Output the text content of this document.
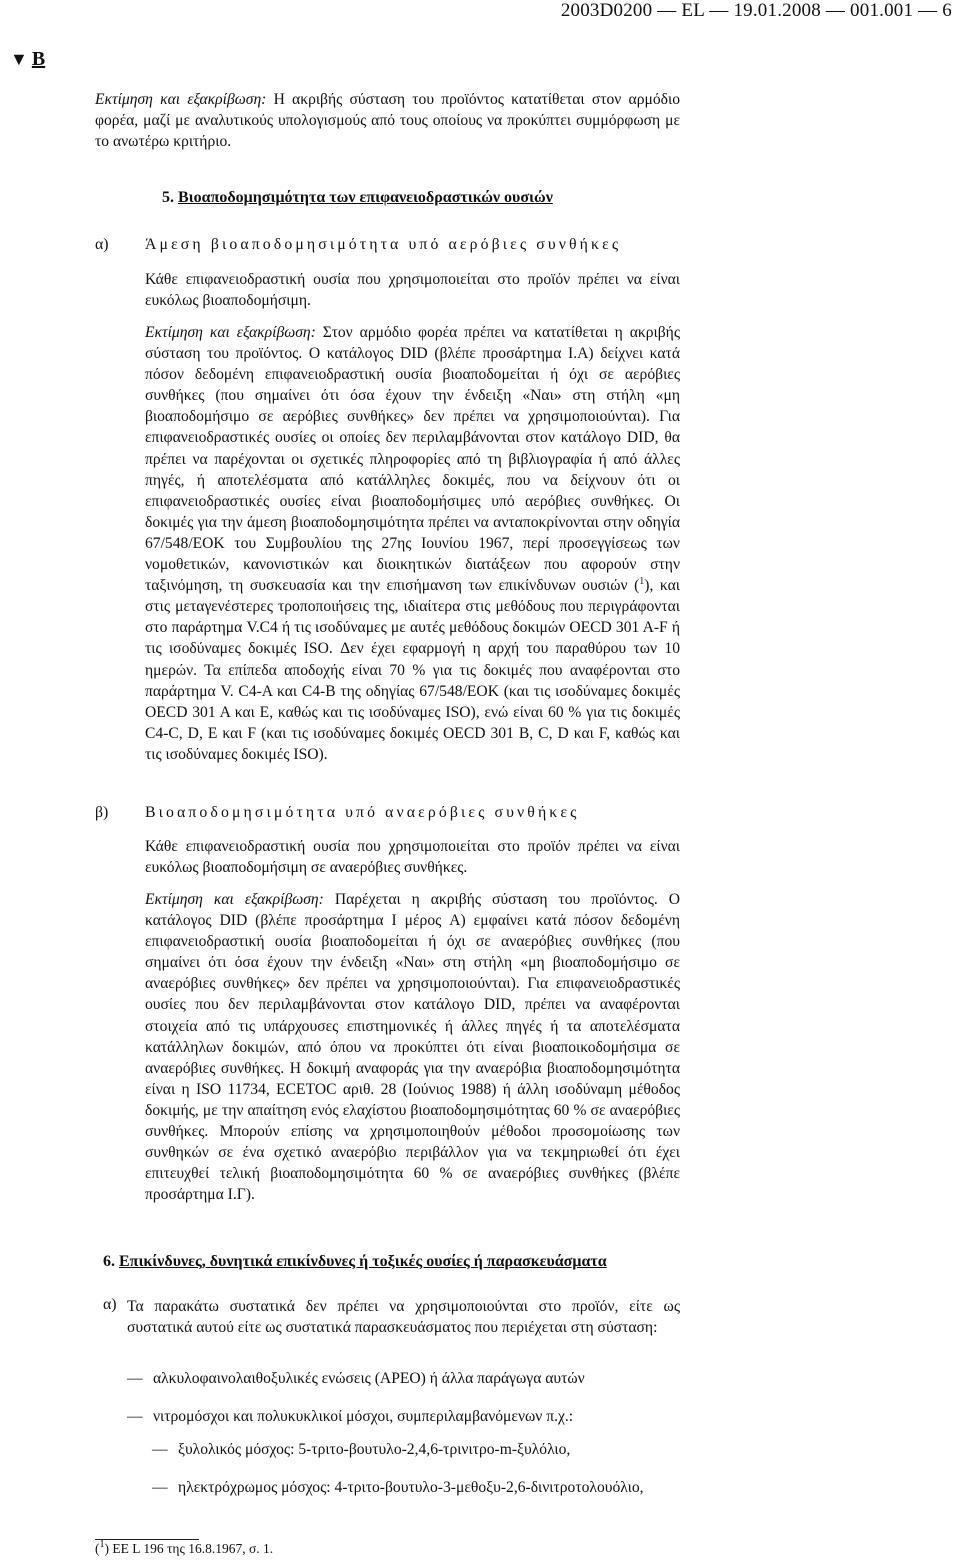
2003D0200 — EL — 19.01.2008 — 001.001 — 6
▼ B
Εκτίμηση και εξακρίβωση: Η ακριβής σύσταση του προϊόντος κατατίθεται στον αρμόδιο φορέα, μαζί με αναλυτικούς υπολογισμούς από τους οποίους να προκύπτει συμμόρφωση με το ανωτέρω κριτήριο.
5. Βιοαποδομησιμότητα των επιφανειοδραστικών ουσιών
α) Άμεση βιοαποδομησιμότητα υπό αερόβιες συνθήκες
Κάθε επιφανειοδραστική ουσία που χρησιμοποιείται στο προϊόν πρέπει να είναι ευκόλως βιοαποδομήσιμη.
Εκτίμηση και εξακρίβωση: Στον αρμόδιο φορέα πρέπει να κατατίθεται η ακριβής σύσταση του προϊόντος. Ο κατάλογος DID (βλέπε προσάρτημα I.A) δείχνει κατά πόσον δεδομένη επιφανειοδραστική ουσία βιοαποδομείται ή όχι σε αερόβιες συνθήκες (που σημαίνει ότι όσα έχουν την ένδειξη «Ναι» στη στήλη «μη βιοαποδομήσιμο σε αερόβιες συνθήκες» δεν πρέπει να χρησιμοποιούνται). Για επιφανειοδραστικές ουσίες οι οποίες δεν περιλαμβάνονται στον κατάλογο DID, θα πρέπει να παρέχονται οι σχετικές πληροφορίες από τη βιβλιογραφία ή από άλλες πηγές, ή αποτελέσματα από κατάλληλες δοκιμές, που να δείχνουν ότι οι επιφανειοδραστικές ουσίες είναι βιοαποδομήσιμες υπό αερόβιες συνθήκες. Οι δοκιμές για την άμεση βιοαποδομησιμότητα πρέπει να ανταποκρίνονται στην οδηγία 67/548/ΕΟΚ του Συμβουλίου της 27ης Ιουνίου 1967, περί προσεγγίσεως των νομοθετικών, κανονιστικών και διοικητικών διατάξεων που αφορούν στην ταξινόμηση, τη συσκευασία και την επισήμανση των επικίνδυνων ουσιών ($^1$), και στις μεταγενέστερες τροποποιήσεις της, ιδιαίτερα στις μεθόδους που περιγράφονται στο παράρτημα V.C4 ή τις ισοδύναμες με αυτές μεθόδους δοκιμών OECD 301 A-F ή τις ισοδύναμες δοκιμές ISO. Δεν έχει εφαρμογή η αρχή του παραθύρου των 10 ημερών. Τα επίπεδα αποδοχής είναι 70 % για τις δοκιμές που αναφέρονται στο παράρτημα V. C4-A και C4-B της οδηγίας 67/548/ΕΟΚ (και τις ισοδύναμες δοκιμές OECD 301 A και E, καθώς και τις ισοδύναμες ISO), ενώ είναι 60 % για τις δοκιμές C4-C, D, E και F (και τις ισοδύναμες δοκιμές OECD 301 B, C, D και F, καθώς και τις ισοδύναμες δοκιμές ISO).
β) Βιοαποδομησιμότητα υπό αναερόβιες συνθήκες
Κάθε επιφανειοδραστική ουσία που χρησιμοποιείται στο προϊόν πρέπει να είναι ευκόλως βιοαποδομήσιμη σε αναερόβιες συνθήκες.
Εκτίμηση και εξακρίβωση: Παρέχεται η ακριβής σύσταση του προϊόντος. Ο κατάλογος DID (βλέπε προσάρτημα I μέρος A) εμφαίνει κατά πόσον δεδομένη επιφανειοδραστική ουσία βιοαποδομείται ή όχι σε αναερόβιες συνθήκες (που σημαίνει ότι όσα έχουν την ένδειξη «Ναι» στη στήλη «μη βιοαποδομήσιμο σε αναερόβιες συνθήκες» δεν πρέπει να χρησιμοποιούνται). Για επιφανειοδραστικές ουσίες που δεν περιλαμβάνονται στον κατάλογο DID, πρέπει να αναφέρονται στοιχεία από τις υπάρχουσες επιστημονικές ή άλλες πηγές ή τα αποτελέσματα κατάλληλων δοκιμών, από όπου να προκύπτει ότι είναι βιοαποικοδομήσιμα σε αναερόβιες συνθήκες. Η δοκιμή αναφοράς για την αναερόβια βιοαποδομησιμότητα είναι η ISO 11734, ECETOC αριθ. 28 (Ιούνιος 1988) ή άλλη ισοδύναμη μέθοδος δοκιμής, με την απαίτηση ενός ελαχίστου βιοαποδομησιμότητας 60 % σε αναερόβιες συνθήκες. Μπορούν επίσης να χρησιμοποιηθούν μέθοδοι προσομοίωσης των συνθηκών σε ένα σχετικό αναερόβιο περιβάλλον για να τεκμηριωθεί ότι έχει επιτευχθεί τελική βιοαποδομησιμότητα 60 % σε αναερόβιες συνθήκες (βλέπε προσάρτημα I.Γ).
6. Επικίνδυνες, δυνητικά επικίνδυνες ή τοξικές ουσίες ή παρασκευάσματα
α) Τα παρακάτω συστατικά δεν πρέπει να χρησιμοποιούνται στο προϊόν, είτε ως συστατικά αυτού είτε ως συστατικά παρασκευάσματος που περιέχεται στη σύσταση:
— αλκυλοφαινολαιθοξυλικές ενώσεις (APEO) ή άλλα παράγωγα αυτών
— νιτρομόσχοι και πολυκυκλικοί μόσχοι, συμπεριλαμβανόμενων π.χ.:
— ξυλολικός μόσχος: 5-τριτο-βουτυλο-2,4,6-τρινιτρο-m-ξυλόλιο,
— ηλεκτρόχρωμος μόσχος: 4-τριτο-βουτυλο-3-μεθοξυ-2,6-δινιτροτολουόλιο,
($^1$) ΕΕ L 196 της 16.8.1967, σ. 1.
